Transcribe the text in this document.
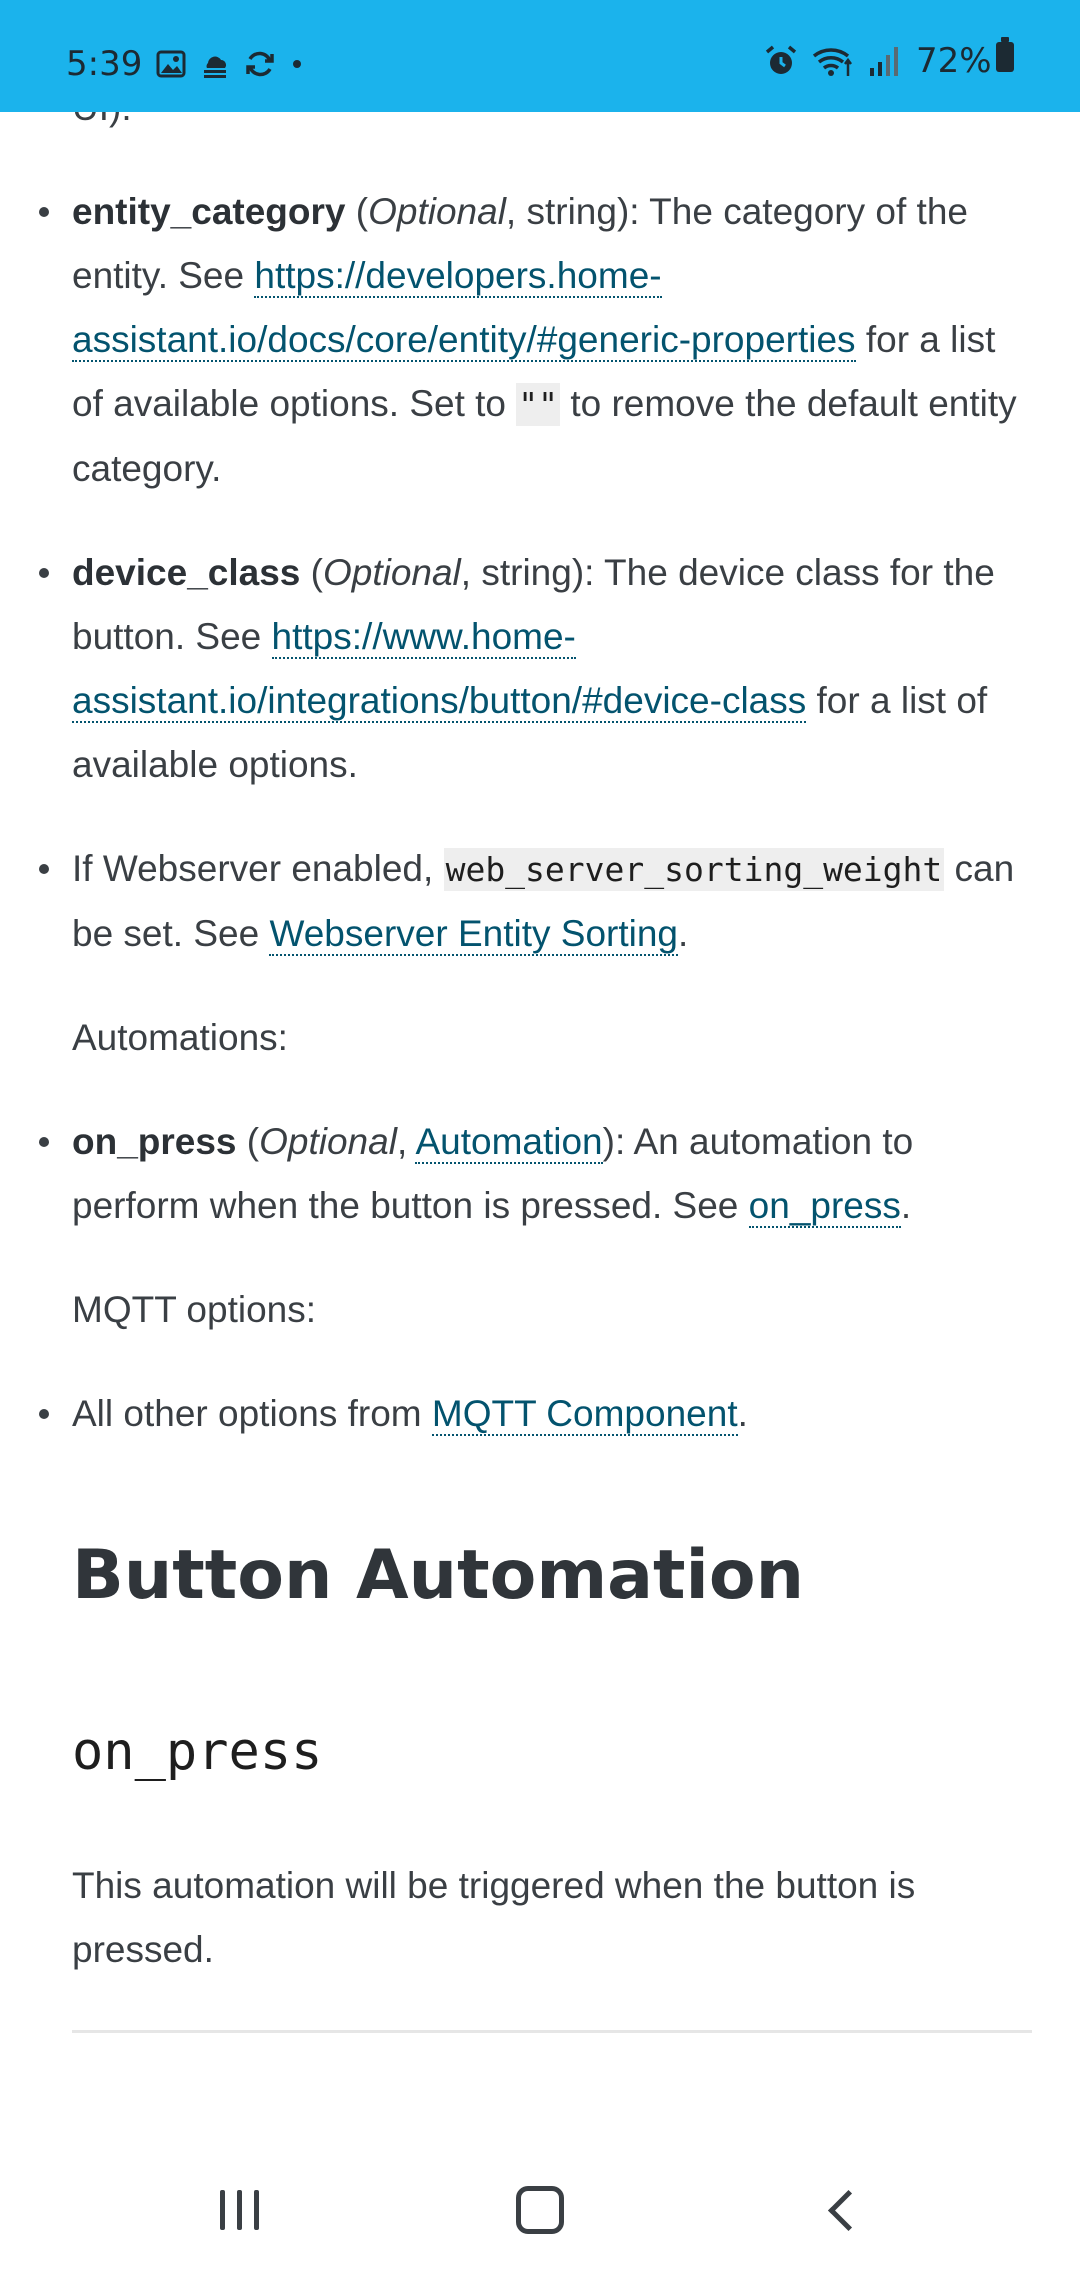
5:39	72%
entity_category (Optional, string): The category of the entity. See https://developers.home-assistant.io/docs/core/entity/#generic-properties for a list of available options. Set to "" to remove the default entity category.
device_class (Optional, string): The device class for the button. See https://www.home-assistant.io/integrations/button/#device-class for a list of available options.
If Webserver enabled, web_server_sorting_weight can be set. See Webserver Entity Sorting.
Automations:
on_press (Optional, Automation): An automation to perform when the button is pressed. See on_press.
MQTT options:
All other options from MQTT Component.
Button Automation
on_press
This automation will be triggered when the button is pressed.
